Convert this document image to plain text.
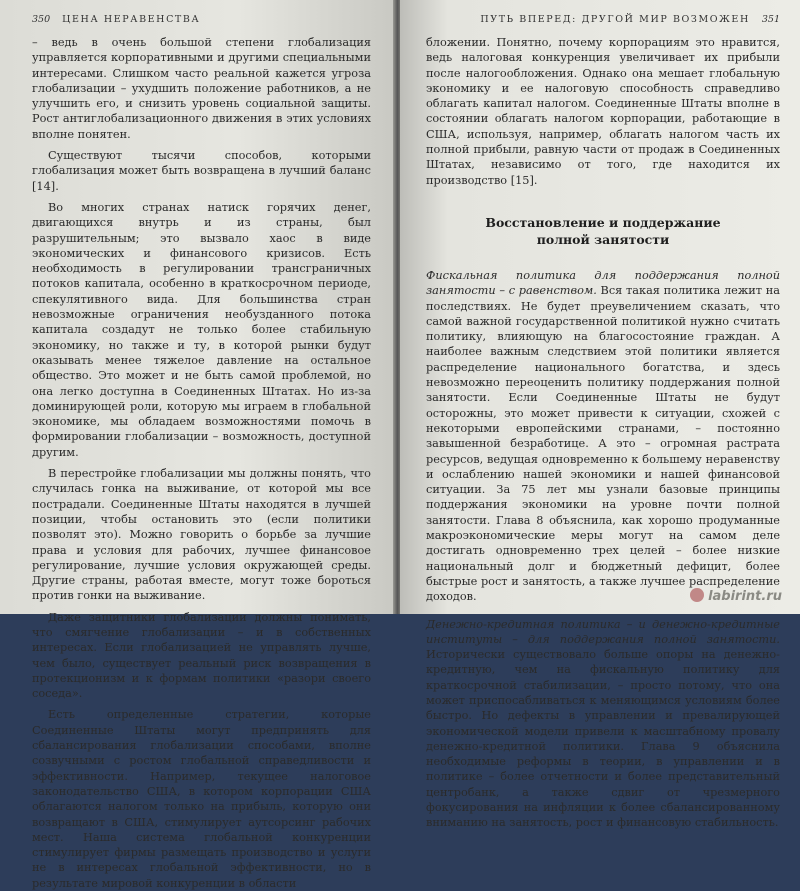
350 ЦЕНА НЕРАВЕНСТВА

– ведь в очень большой степени глобализация управляется корпоративными и другими специальными интересами. Слишком часто реальной кажется угроза глобализации – ухудшить положение работников, а не улучшить его, и снизить уровень социальной защиты. Рост антиглобализационного движения в этих условиях вполне понятен.

Существуют тысячи способов, которыми глобализация может быть возвращена в лучший баланс [14].

Во многих странах натиск горячих денег, двигающихся внутрь и из страны, был разрушительным; это вызвало хаос в виде экономических и финансового кризисов. Есть необходимость в регулировании трансграничных потоков капитала, особенно в краткосрочном периоде, спекулятивного вида. Для большинства стран невозможные ограничения необузданного потока капитала создадут не только более стабильную экономику, но также и ту, в которой рынки будут оказывать менее тяжелое давление на остальное общество. Это может и не быть самой проблемой, но она легко доступна в Соединенных Штатах. Но из-за доминирующей роли, которую мы играем в глобальной экономике, мы обладаем возможностями помочь в формировании глобализации – возможность, доступной другим.

В перестройке глобализации мы должны понять, что случилась гонка на выживание, от которой мы все пострадали. Соединенные Штаты находятся в лучшей позиции, чтобы остановить это (если политики позволят это). Можно говорить о борьбе за лучшие права и условия для рабочих, лучшее финансовое регулирование, лучшие условия окружающей среды. Другие страны, работая вместе, могут тоже бороться против гонки на выживание.

Даже защитники глобализации должны понимать, что смягчение глобализации – и в собственных интересах. Если глобализацией не управлять лучше, чем было, существует реальный риск возвращения в протекционизм и к формам политики «разори своего соседа».

Есть определенные стратегии, которые Соединенные Штаты могут предпринять для сбалансирования глобализации способами, вполне созвучными с ростом глобальной справедливости и эффективности. Например, текущее налоговое законодательство США, в котором корпорации США облагаются налогом только на прибыль, которую они возвращают в США, стимулирует аутсорсинг рабочих мест. Наша система глобальной конкуренции стимулирует фирмы размещать производство и услуги не в интересах глобальной эффективности, но в результате мировой конкуренции в области

ПУТЬ ВПЕРЕД: ДРУГОЙ МИР ВОЗМОЖЕН 351

бложении. Понятно, почему корпорациям это нравится, ведь налоговая конкуренция увеличивает их прибыли после налогообложения. Однако она мешает глобальную экономику и ее налоговую способность справедливо облагать капитал налогом. Соединенные Штаты вполне в состоянии облагать налогом корпорации, работающие в США, используя, например, облагать налогом часть их полной прибыли, равную части от продаж в Соединенных Штатах, независимо от того, где находится их производство [15].

Восстановление и поддержание
полной занятости

Фискальная политика для поддержания полной занятости – с равенством. Вся такая политика лежит на последствиях. Не будет преувеличением сказать, что самой важной государственной политикой нужно считать политику, влияющую на благосостояние граждан. А наиболее важным следствием этой политики является распределение национального богатства, и здесь невозможно переоценить политику поддержания полной занятости. Если Соединенные Штаты не будут осторожны, это может привести к ситуации, схожей с некоторыми европейскими странами, – постоянно завышенной безработице. А это – огромная растрата ресурсов, ведущая одновременно к большему неравенству и ослаблению нашей экономики и нашей финансовой ситуации. За 75 лет мы узнали базовые принципы поддержания экономики на уровне почти полной занятости. Глава 8 объяснила, как хорошо продуманные макроэкономические меры могут на самом деле достигать одновременно трех целей – более низкие национальный долг и бюджетный дефицит, более быстрые рост и занятость, а также лучшее распределение доходов.

Денежно-кредитная политика – и денежно-кредитные институты – для поддержания полной занятости. Исторически существовало больше опоры на денежно-кредитную, чем на фискальную политику для краткосрочной стабилизации, – просто потому, что она может приспосабливаться к меняющимся условиям более быстро. Но дефекты в управлении и превалирующей экономической модели привели к масштабному провалу денежно-кредитной политики. Глава 9 объяснила необходимые реформы в теории, в управлении и в политике – более отчетности и более представительный центробанк, а также сдвиг от чрезмерного фокусирования на инфляции к более сбалансированному вниманию на занятость, рост и финансовую стабильность.

labirint.ru
